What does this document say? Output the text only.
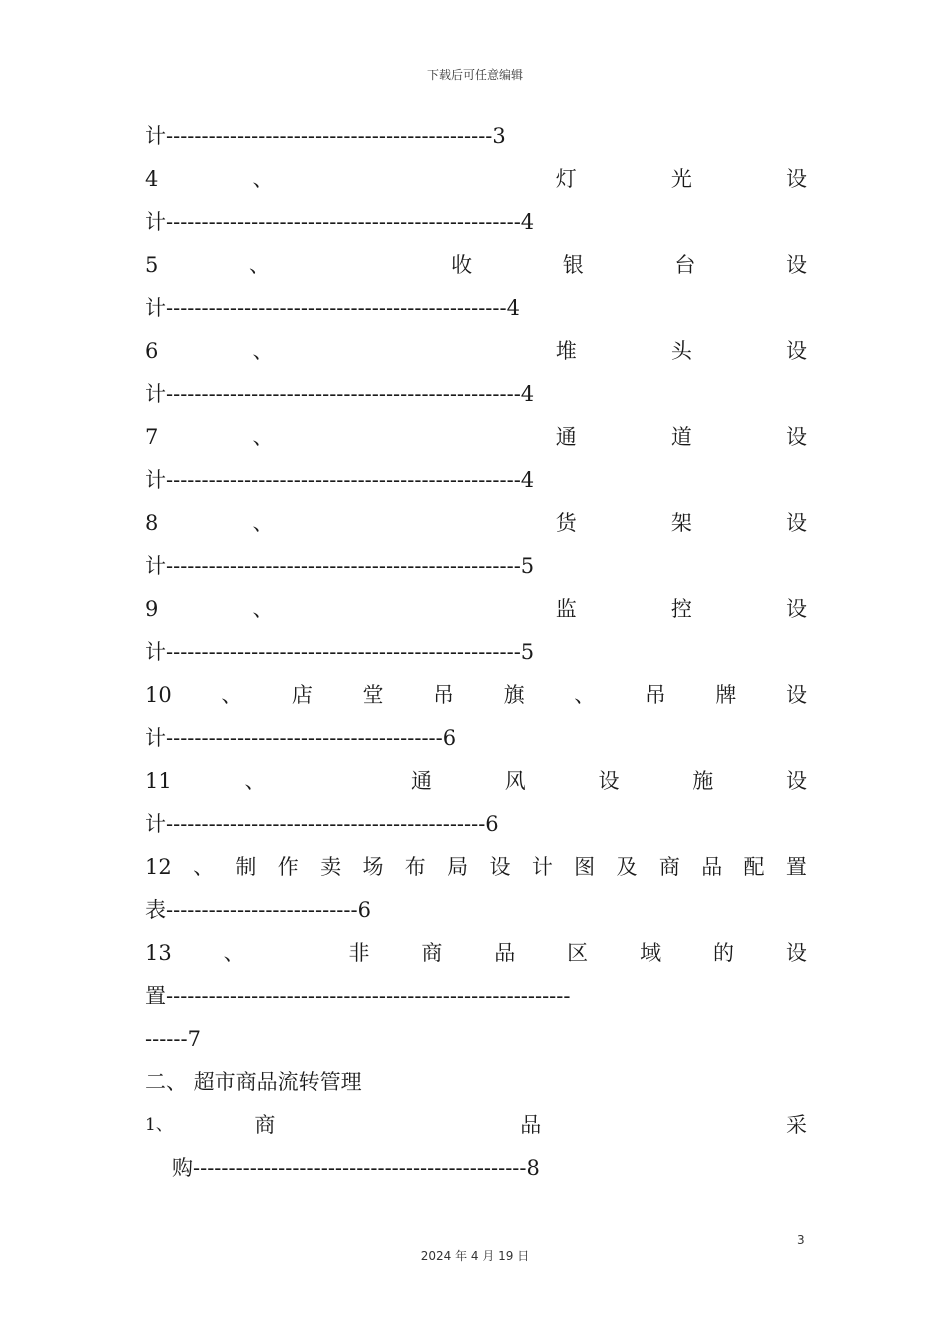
下载后可任意编辑
计----------------------------------------------3
4	、	灯	光	设
计--------------------------------------------------4
5	、	收	银	台	设
计------------------------------------------------4
6	、	堆	头	设
计--------------------------------------------------4
7	、	通	道	设
计--------------------------------------------------4
8	、	货	架	设
计--------------------------------------------------5
9	、	监	控	设
计--------------------------------------------------5
10 、 店 堂 吊 旗 、 吊 牌 设
计---------------------------------------6
11	、	通	风	设	施	设
计---------------------------------------------6
12 、 制 作 卖 场 布 局 设 计 图 及 商 品 配 置
表---------------------------6
13 、	非 商 品 区 域 的 设
置---------------------------------------------------------
------7
二、 超市商品流转管理
1、	商	品	采
购-----------------------------------------------8
3
2024 年 4 月 19 日
